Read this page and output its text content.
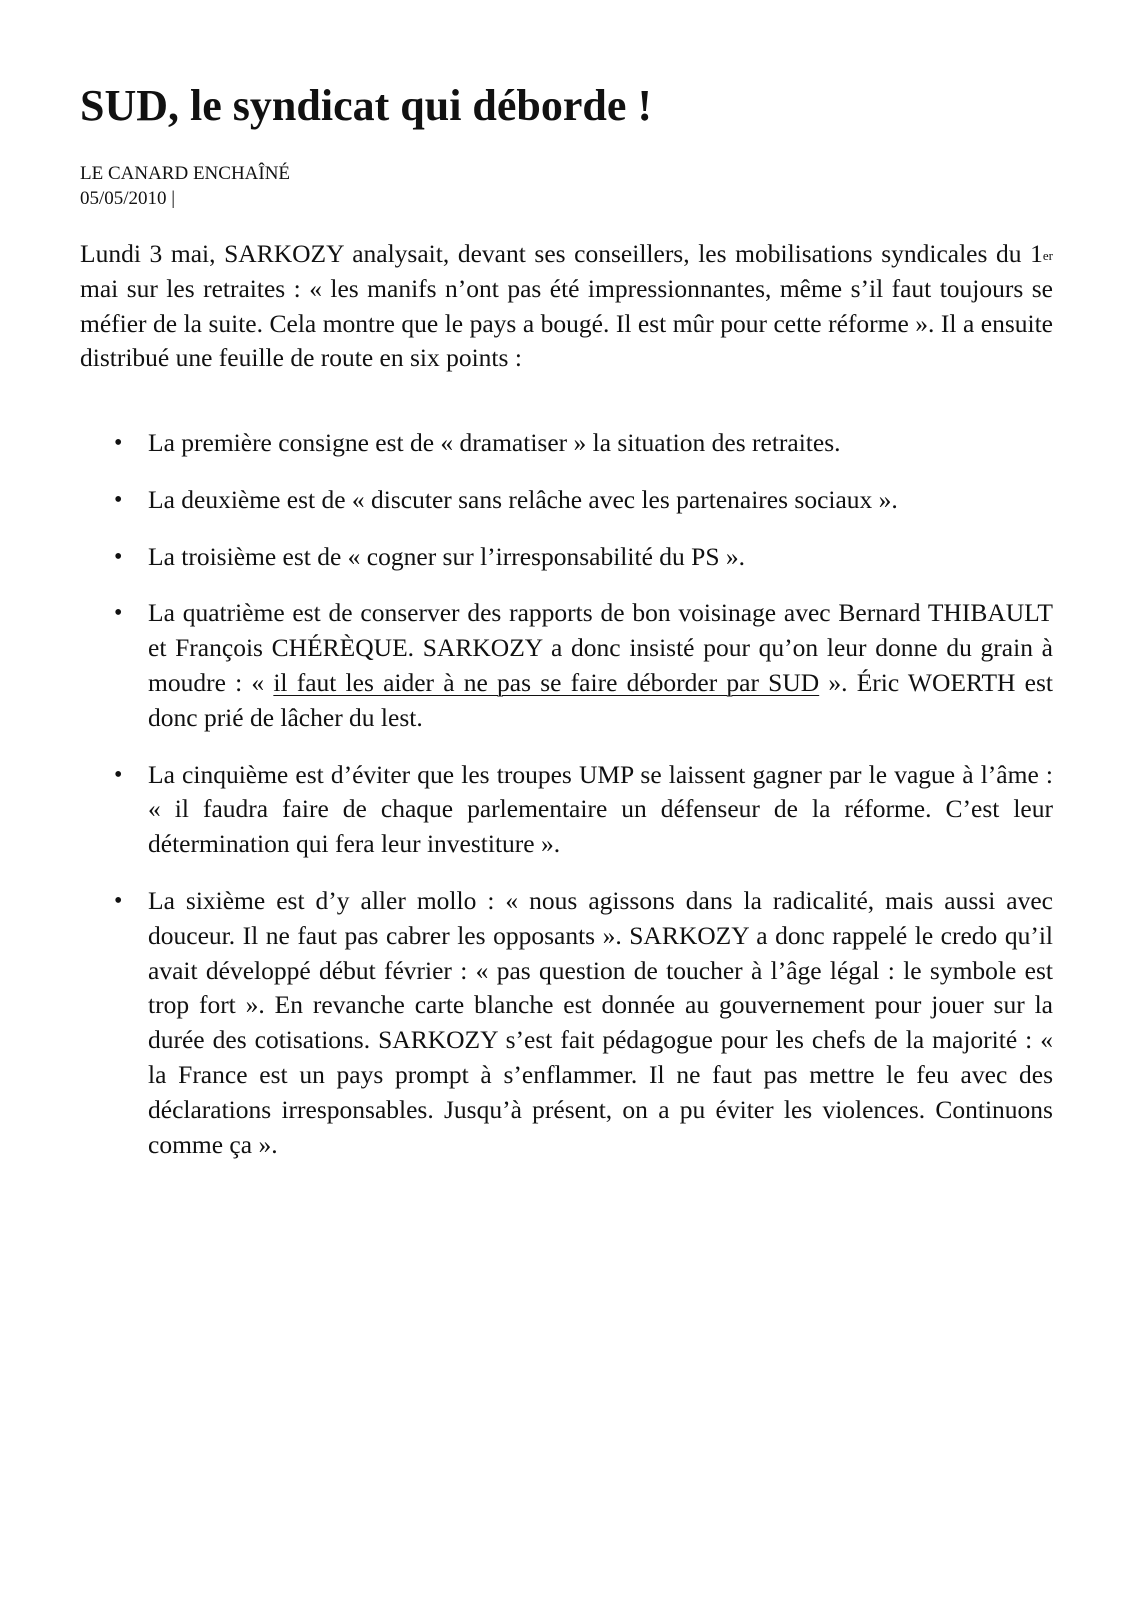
SUD, le syndicat qui déborde !
LE CANARD ENCHAÎNÉ
05/05/2010 |

Lundi 3 mai, SARKOZY analysait, devant ses conseillers, les mobilisations syndicales du 1er mai sur les retraites : « les manifs n’ont pas été impressionnantes, même s’il faut toujours se méfier de la suite. Cela montre que le pays a bougé. Il est mûr pour cette réforme ». Il a ensuite distribué une feuille de route en six points :

• La première consigne est de « dramatiser » la situation des retraites.
• La deuxième est de « discuter sans relâche avec les partenaires sociaux ».
• La troisième est de « cogner sur l’irresponsabilité du PS ».
• La quatrième est de conserver des rapports de bon voisinage avec Bernard THIBAULT et François CHÉRÈQUE. SARKOZY a donc insisté pour qu’on leur donne du grain à moudre : « il faut les aider à ne pas se faire déborder par SUD ». Éric WOERTH est donc prié de lâcher du lest.
• La cinquième est d’éviter que les troupes UMP se laissent gagner par le vague à l’âme : « il faudra faire de chaque parlementaire un défenseur de la réforme. C’est leur détermination qui fera leur investiture ».
• La sixième est d’y aller mollo : « nous agissons dans la radicalité, mais aussi avec douceur. Il ne faut pas cabrer les opposants ». SARKOZY a donc rappelé le credo qu’il avait développé début février : « pas question de toucher à l’âge légal : le symbole est trop fort ». En revanche carte blanche est donnée au gouvernement pour jouer sur la durée des cotisations. SARKOZY s’est fait pédagogue pour les chefs de la majorité : « la France est un pays prompt à s’enflammer. Il ne faut pas mettre le feu avec des déclarations irresponsables. Jusqu’à présent, on a pu éviter les violences. Continuons comme ça ».
